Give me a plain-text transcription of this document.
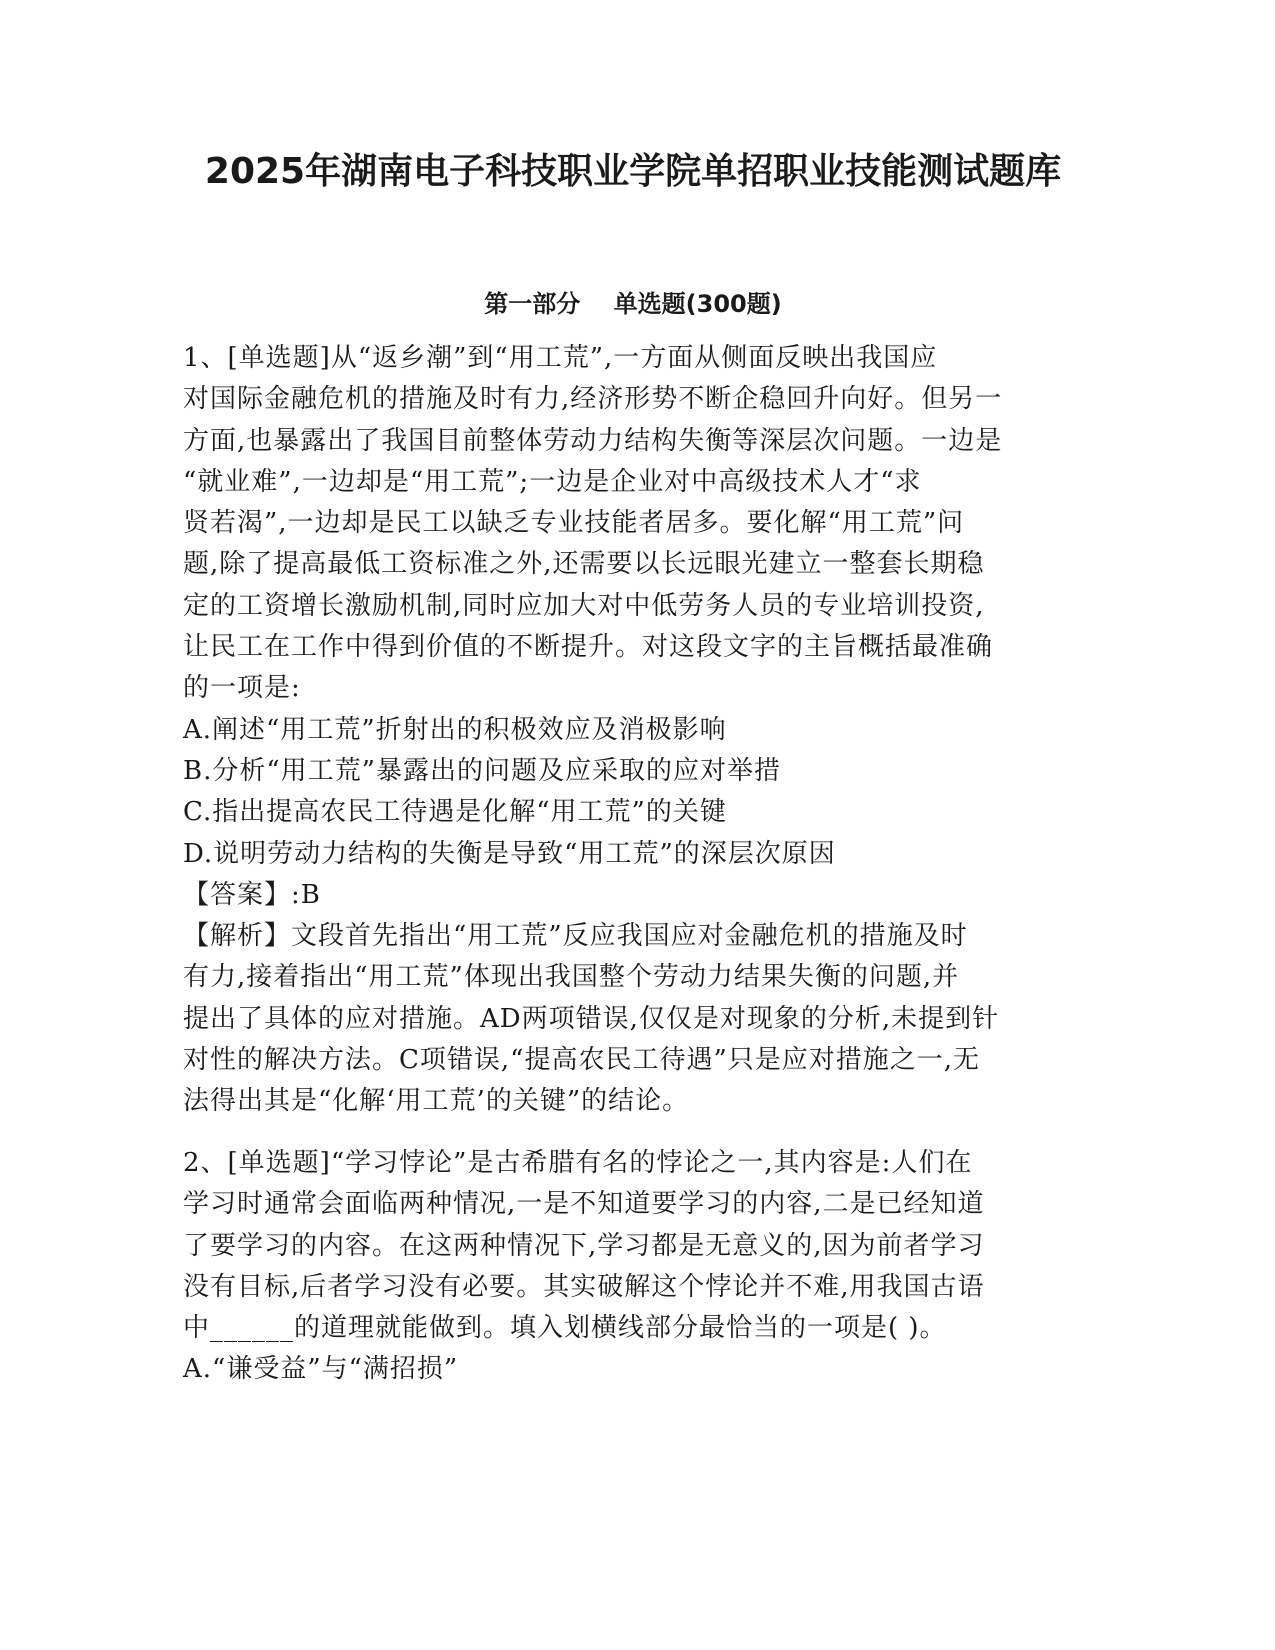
2025年湖南电子科技职业学院单招职业技能测试题库
第一部分    单选题(300题)
1、[单选题]从“返乡潮”到“用工荒”,一方面从侧面反映出我国应
对国际金融危机的措施及时有力,经济形势不断企稳回升向好。但另一
方面,也暴露出了我国目前整体劳动力结构失衡等深层次问题。一边是
“就业难”,一边却是“用工荒”;一边是企业对中高级技术人才“求
贤若渴”,一边却是民工以缺乏专业技能者居多。要化解“用工荒”问
题,除了提高最低工资标准之外,还需要以长远眼光建立一整套长期稳
定的工资增长激励机制,同时应加大对中低劳务人员的专业培训投资,
让民工在工作中得到价值的不断提升。对这段文字的主旨概括最准确
的一项是:
A.阐述“用工荒”折射出的积极效应及消极影响
B.分析“用工荒”暴露出的问题及应采取的应对举措
C.指出提高农民工待遇是化解“用工荒”的关键
D.说明劳动力结构的失衡是导致“用工荒”的深层次原因
【答案】:B
【解析】文段首先指出“用工荒”反应我国应对金融危机的措施及时
有力,接着指出“用工荒”体现出我国整个劳动力结果失衡的问题,并
提出了具体的应对措施。AD两项错误,仅仅是对现象的分析,未提到针
对性的解决方法。C项错误,“提高农民工待遇”只是应对措施之一,无
法得出其是“化解‘用工荒’的关键”的结论。
2、[单选题]“学习悖论”是古希腊有名的悖论之一,其内容是:人们在
学习时通常会面临两种情况,一是不知道要学习的内容,二是已经知道
了要学习的内容。在这两种情况下,学习都是无意义的,因为前者学习
没有目标,后者学习没有必要。其实破解这个悖论并不难,用我国古语
中______的道理就能做到。填入划横线部分最恰当的一项是( )。
A.“谦受益”与“满招损”
